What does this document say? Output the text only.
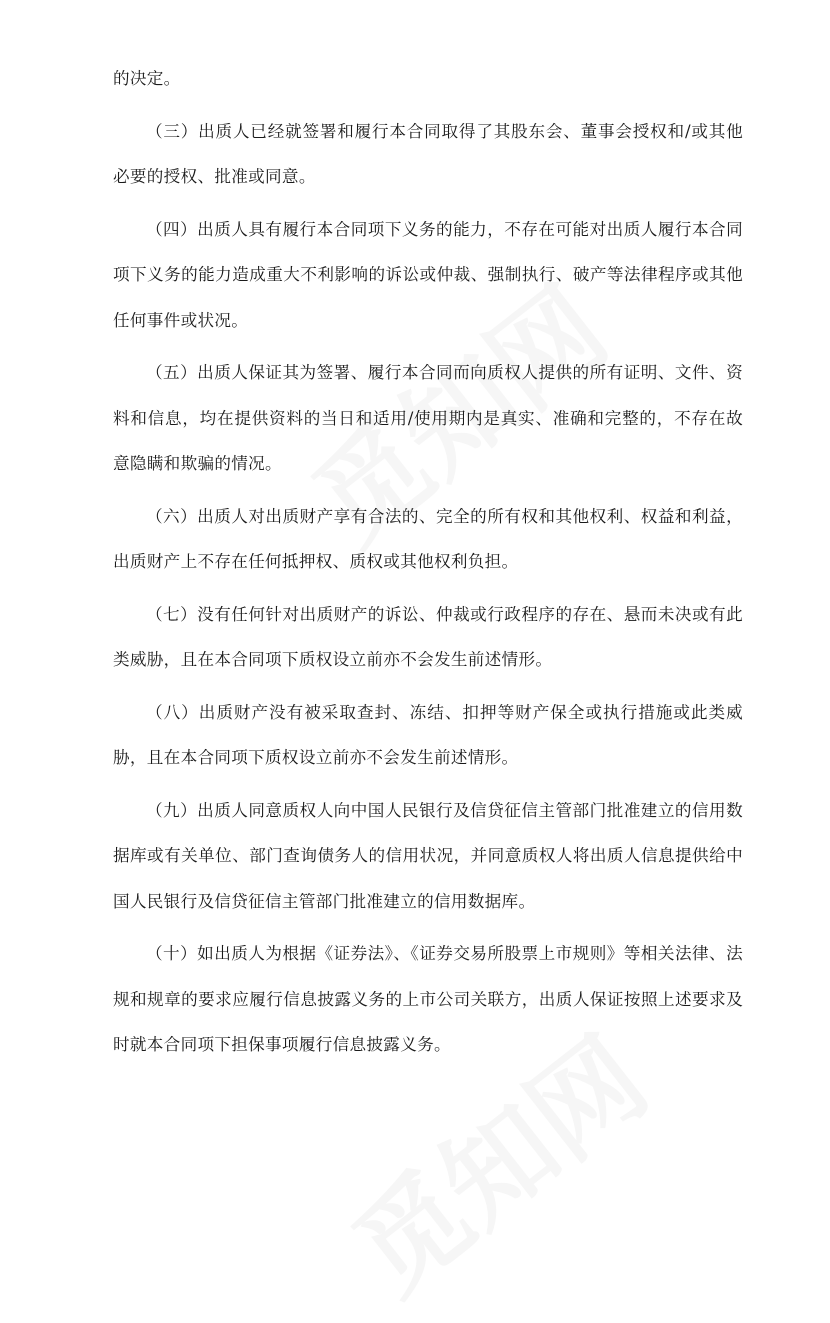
的决定。

（三）出质人已经就签署和履行本合同取得了其股东会、董事会授权和/或其他必要的授权、批准或同意。

（四）出质人具有履行本合同项下义务的能力，不存在可能对出质人履行本合同项下义务的能力造成重大不利影响的诉讼或仲裁、强制执行、破产等法律程序或其他任何事件或状况。

（五）出质人保证其为签署、履行本合同而向质权人提供的所有证明、文件、资料和信息，均在提供资料的当日和适用/使用期内是真实、准确和完整的，不存在故意隐瞒和欺骗的情况。

（六）出质人对出质财产享有合法的、完全的所有权和其他权利、权益和利益，出质财产上不存在任何抵押权、质权或其他权利负担。

（七）没有任何针对出质财产的诉讼、仲裁或行政程序的存在、悬而未决或有此类威胁，且在本合同项下质权设立前亦不会发生前述情形。

（八）出质财产没有被采取查封、冻结、扣押等财产保全或执行措施或此类威胁，且在本合同项下质权设立前亦不会发生前述情形。

（九）出质人同意质权人向中国人民银行及信贷征信主管部门批准建立的信用数据库或有关单位、部门查询债务人的信用状况，并同意质权人将出质人信息提供给中国人民银行及信贷征信主管部门批准建立的信用数据库。

（十）如出质人为根据《证券法》、《证券交易所股票上市规则》等相关法律、法规和规章的要求应履行信息披露义务的上市公司关联方，出质人保证按照上述要求及时就本合同项下担保事项履行信息披露义务。
